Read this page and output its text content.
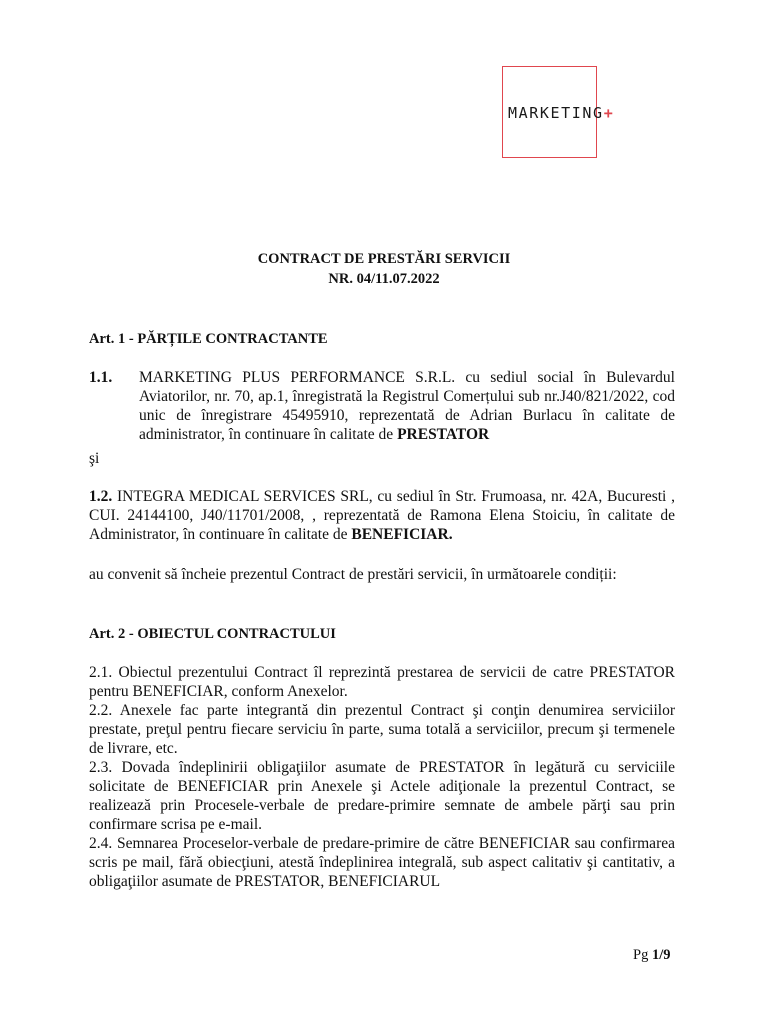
MARKETING+
CONTRACT DE PRESTĂRI SERVICII
NR. 04/11.07.2022
Art. 1 - PĂRȚILE CONTRACTANTE
1.1. MARKETING PLUS PERFORMANCE S.R.L. cu sediul social în Bulevardul Aviatorilor, nr. 70, ap.1, înregistrată la Registrul Comerțului sub nr.J40/821/2022, cod unic de înregistrare 45495910, reprezentată de Adrian Burlacu în calitate de administrator, în continuare în calitate de PRESTATOR
şi
1.2. INTEGRA MEDICAL SERVICES SRL, cu sediul în Str. Frumoasa, nr. 42A, Bucuresti , CUI. 24144100, J40/11701/2008, , reprezentată de Ramona Elena Stoiciu, în calitate de Administrator, în continuare în calitate de BENEFICIAR.
au convenit să încheie prezentul Contract de prestări servicii, în următoarele condiții:
Art. 2 - OBIECTUL CONTRACTULUI

2.1. Obiectul prezentului Contract îl reprezintă prestarea de servicii de catre PRESTATOR pentru BENEFICIAR, conform Anexelor.

2.2. Anexele fac parte integrantă din prezentul Contract şi conţin denumirea serviciilor prestate, preţul pentru fiecare serviciu în parte, suma totală a serviciilor, precum şi termenele de livrare, etc.

2.3. Dovada îndeplinirii obligaţiilor asumate de PRESTATOR în legătură cu serviciile solicitate de BENEFICIAR prin Anexele şi Actele adiţionale la prezentul Contract, se realizează prin Procesele-verbale de predare-primire semnate de ambele părţi sau prin confirmare scrisa pe e-mail.

2.4. Semnarea Proceselor-verbale de predare-primire de către BENEFICIAR sau confirmarea scris pe mail, fără obiecţiuni, atestă îndeplinirea integrală, sub aspect calitativ şi cantitativ, a obligaţiilor asumate de PRESTATOR, BENEFICIARUL

Pg 1/9
